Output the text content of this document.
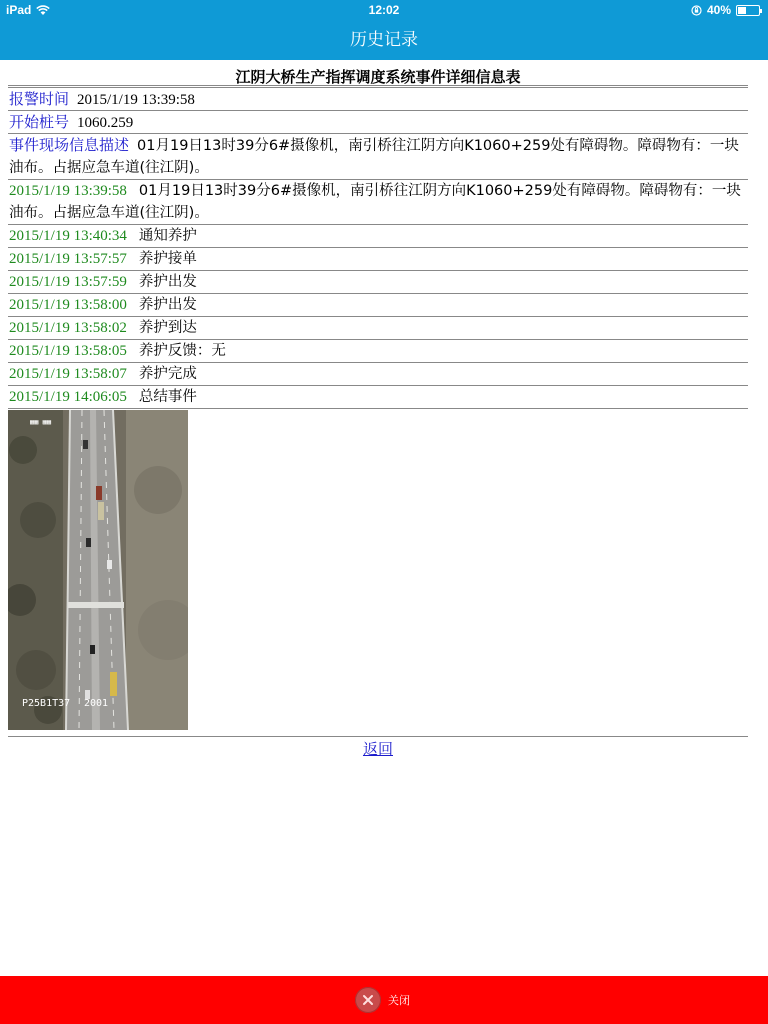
iPad	12:02	40%
历史记录
江阴大桥生产指挥调度系统事件详细信息表
报警时间 2015/1/19 13:39:58
开始桩号 1060.259
事件现场信息描述 01月19日13时39分6#摄像机，南引桥往江阴方向K1060+259处有障碍物。障碍物有：一块油布。占据应急车道(往江阴)。
2015/1/19 13:39:58 01月19日13时39分6#摄像机，南引桥往江阴方向K1060+259处有障碍物。障碍物有：一块油布。占据应急车道(往江阴)。
2015/1/19 13:40:34 通知养护
2015/1/19 13:57:57 养护接单
2015/1/19 13:57:59 养护出发
2015/1/19 13:58:00 养护出发
2015/1/19 13:58:02 养护到达
2015/1/19 13:58:05 养护反馈：无
2015/1/19 13:58:07 养护完成
2015/1/19 14:06:05 总结事件
▦▦ ▦▦
P25B1T37 2001
返回
关闭
